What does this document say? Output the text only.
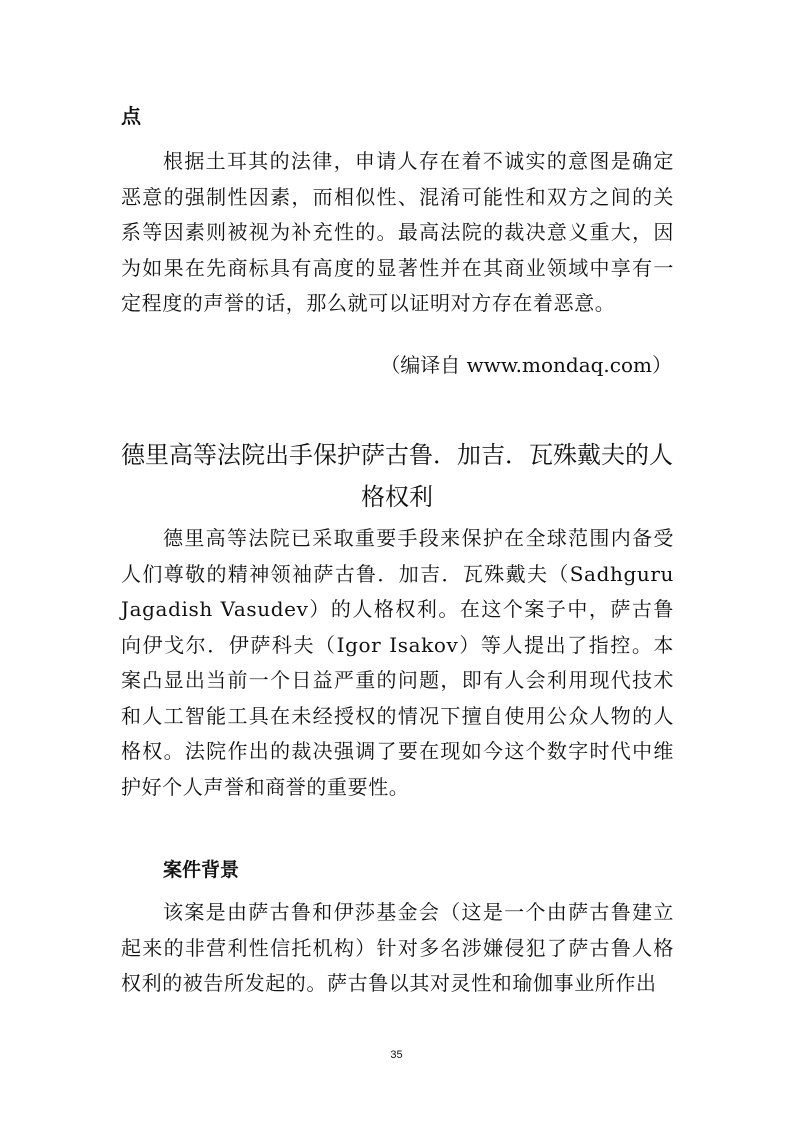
点

根据土耳其的法律，申请人存在着不诚实的意图是确定恶意的强制性因素，而相似性、混淆可能性和双方之间的关系等因素则被视为补充性的。最高法院的裁决意义重大，因为如果在先商标具有高度的显著性并在其商业领域中享有一定程度的声誉的话，那么就可以证明对方存在着恶意。

（编译自 www.mondaq.com）

德里高等法院出手保护萨古鲁．加吉．瓦殊戴夫的人格权利

德里高等法院已采取重要手段来保护在全球范围内备受人们尊敬的精神领袖萨古鲁．加吉．瓦殊戴夫（Sadhguru Jagadish Vasudev）的人格权利。在这个案子中，萨古鲁向伊戈尔．伊萨科夫（Igor Isakov）等人提出了指控。本案凸显出当前一个日益严重的问题，即有人会利用现代技术和人工智能工具在未经授权的情况下擅自使用公众人物的人格权。法院作出的裁决强调了要在现如今这个数字时代中维护好个人声誉和商誉的重要性。

案件背景

该案是由萨古鲁和伊莎基金会（这是一个由萨古鲁建立起来的非营利性信托机构）针对多名涉嫌侵犯了萨古鲁人格权利的被告所发起的。萨古鲁以其对灵性和瑜伽事业所作出

35
